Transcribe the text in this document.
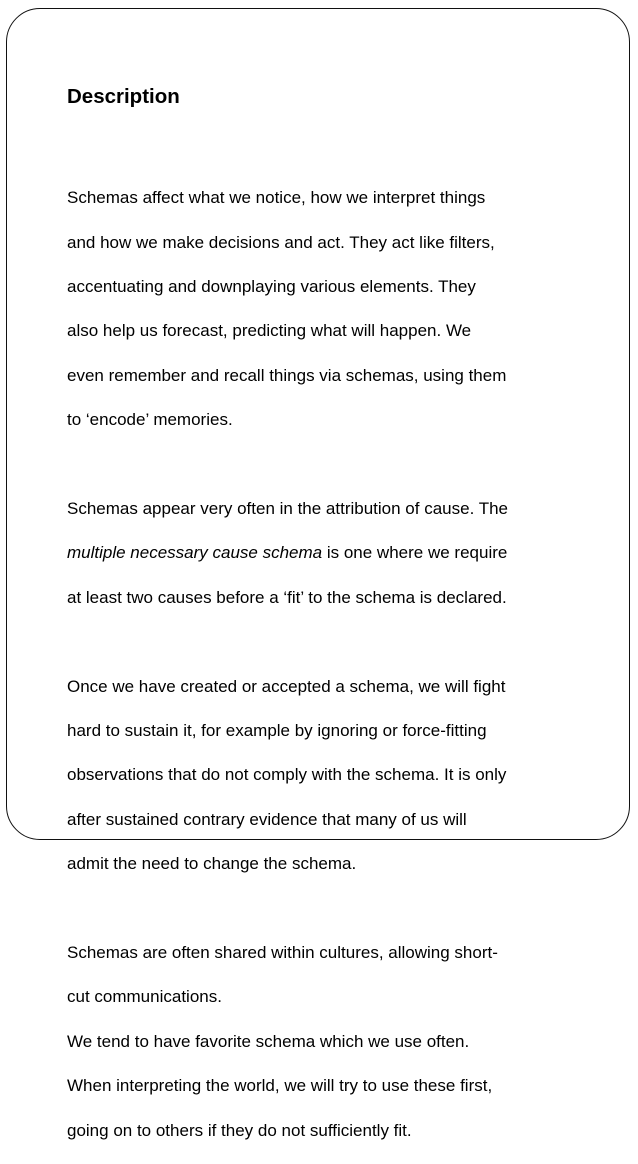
Description

Schemas affect what we notice, how we interpret things

and how we make decisions and act. They act like filters,

accentuating and downplaying various elements. They

also help us forecast, predicting what will happen. We

even remember and recall things via schemas, using them

to ‘encode’ memories.

Schemas appear very often in the attribution of cause. The

multiple necessary cause schema is one where we require

at least two causes before a ‘fit’ to the schema is declared.

Once we have created or accepted a schema, we will fight

hard to sustain it, for example by ignoring or force-fitting

observations that do not comply with the schema. It is only

after sustained contrary evidence that many of us will

admit the need to change the schema.

Schemas are often shared within cultures, allowing short-

cut communications.

We tend to have favorite schema which we use often.

When interpreting the world, we will try to use these first,

going on to others if they do not sufficiently fit.
